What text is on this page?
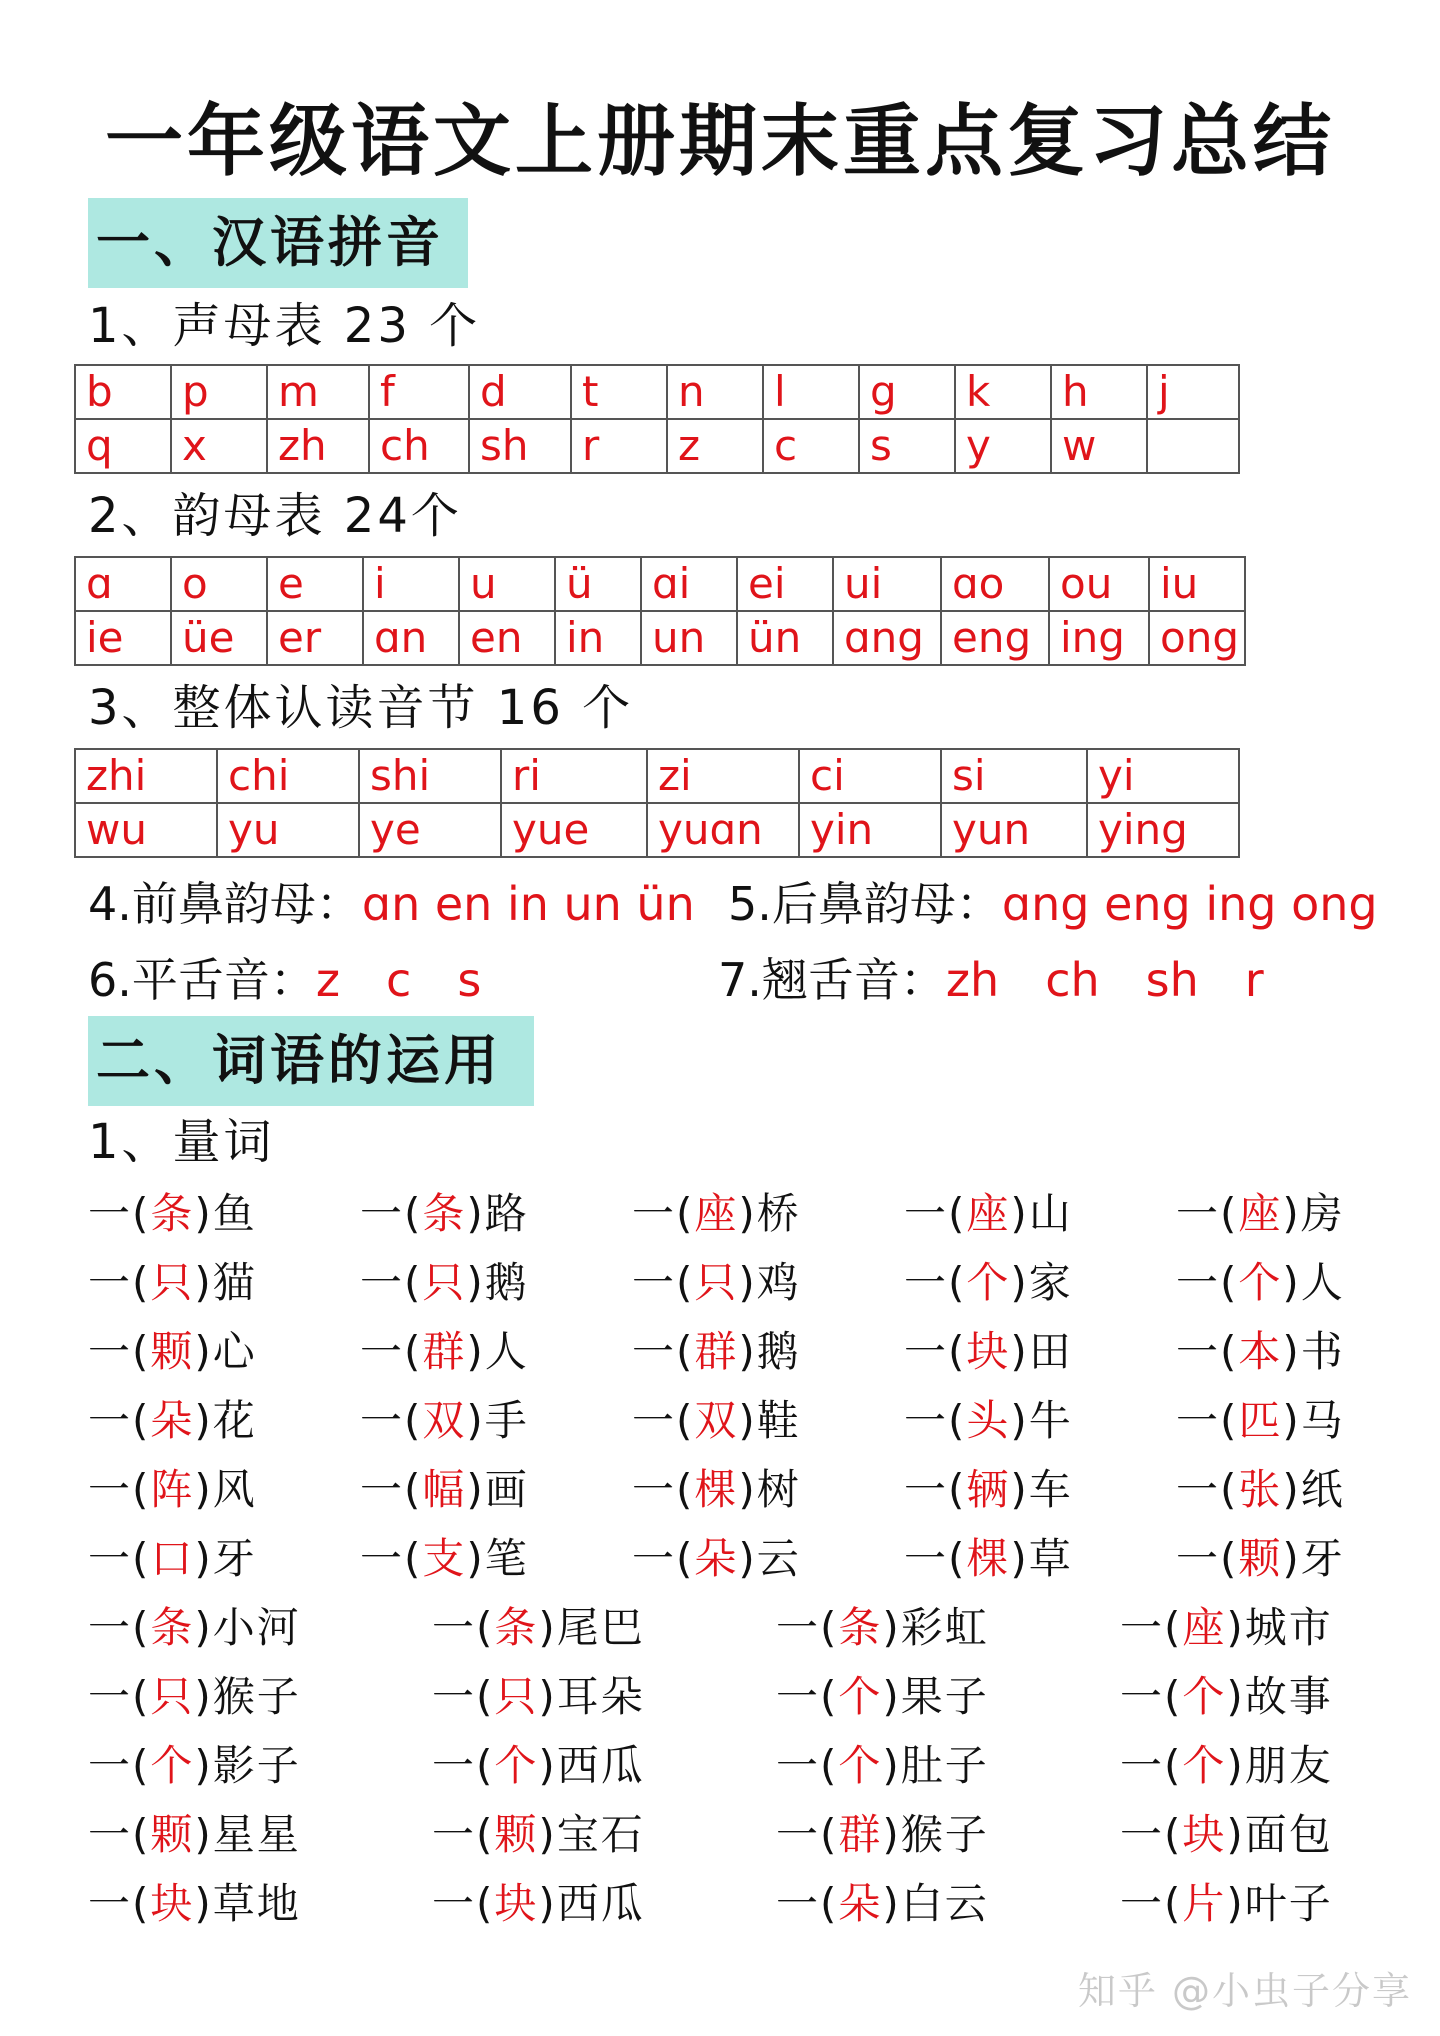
一年级语文上册期末重点复习总结
一、汉语拼音
1、声母表 23 个
b	p	m	f	d	t	n	l	g	k	h	j
q	x	zh	ch	sh	r	z	c	s	y	w	
2、韵母表 24个
ɑ	o	e	i	u	ü	ɑi	ei	ui	ɑo	ou	iu
ie	üe	er	ɑn	en	in	un	ün	ɑng	eng	ing	ong
3、整体认读音节 16 个
zhi	chi	shi	ri	zi	ci	si	yi
wu	yu	ye	yue	yuɑn	yin	yun	ying
4.前鼻韵母：ɑn en in un ün 5.后鼻韵母：ɑng eng ing ong
6.平舌音：z　c　s	7.翘舌音：zh　ch　sh　r
二、词语的运用
1、量词
一(条)鱼 一(条)路 一(座)桥 一(座)山 一(座)房
一(只)猫 一(只)鹅 一(只)鸡 一(个)家 一(个)人
一(颗)心 一(群)人 一(群)鹅 一(块)田 一(本)书
一(朵)花 一(双)手 一(双)鞋 一(头)牛 一(匹)马
一(阵)风 一(幅)画 一(棵)树 一(辆)车 一(张)纸
一(口)牙 一(支)笔 一(朵)云 一(棵)草 一(颗)牙
一(条)小河	一(条)尾巴	一(条)彩虹	一(座)城市
一(只)猴子	一(只)耳朵	一(个)果子	一(个)故事
一(个)影子	一(个)西瓜	一(个)肚子	一(个)朋友
一(颗)星星	一(颗)宝石	一(群)猴子	一(块)面包
一(块)草地	一(块)西瓜	一(朵)白云	一(片)叶子
知乎 @小虫子分享
